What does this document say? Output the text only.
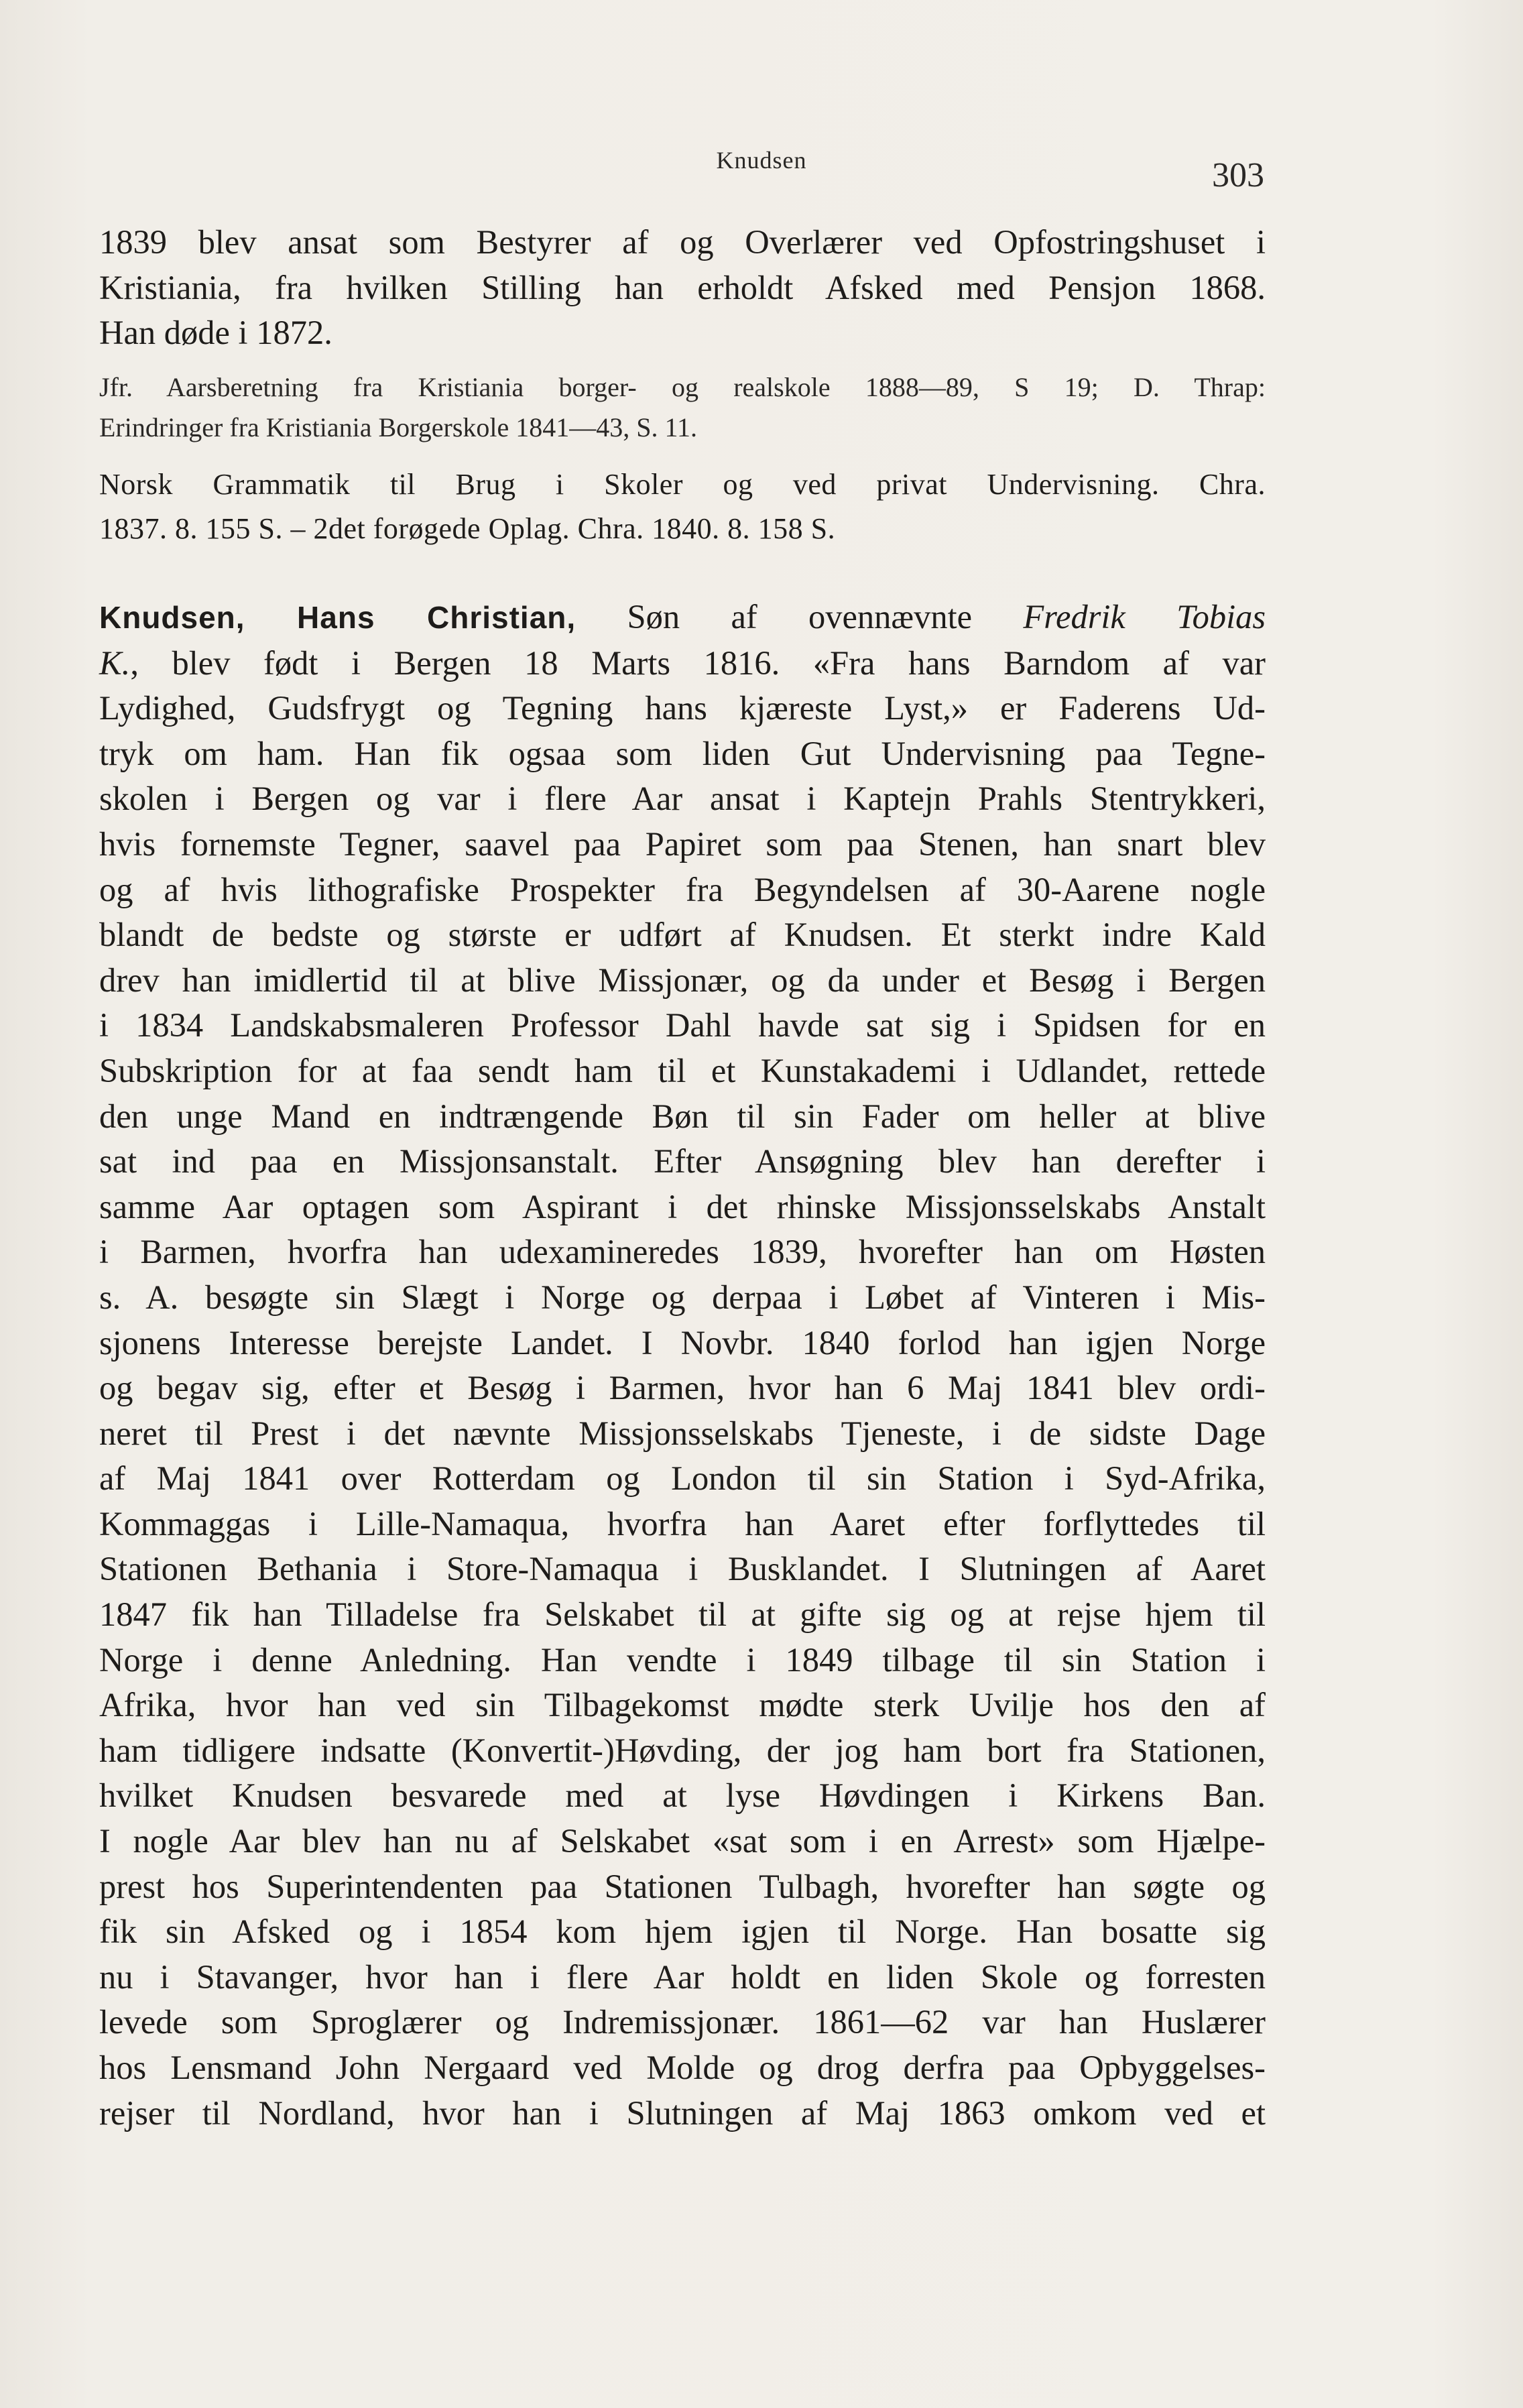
Knudsen	303
1839 blev ansat som Bestyrer af og Overlærer ved Opfostringshuset i
Kristiania, fra hvilken Stilling han erholdt Afsked med Pensjon 1868.
Han døde i 1872.
Jfr. Aarsberetning fra Kristiania borger- og realskole 1888—89, S 19; D. Thrap:
Erindringer fra Kristiania Borgerskole 1841—43, S. 11.
Norsk Grammatik til Brug i Skoler og ved privat Undervisning. Chra.
1837. 8. 155 S. – 2det forøgede Oplag. Chra. 1840. 8. 158 S.
Knudsen, Hans Christian, Søn af ovennævnte Fredrik Tobias
K., blev født i Bergen 18 Marts 1816. «Fra hans Barndom af var
Lydighed, Gudsfrygt og Tegning hans kjæreste Lyst,» er Faderens Ud-
tryk om ham. Han fik ogsaa som liden Gut Undervisning paa Tegne-
skolen i Bergen og var i flere Aar ansat i Kaptejn Prahls Stentrykkeri,
hvis fornemste Tegner, saavel paa Papiret som paa Stenen, han snart blev
og af hvis lithografiske Prospekter fra Begyndelsen af 30-Aarene nogle
blandt de bedste og største er udført af Knudsen. Et sterkt indre Kald
drev han imidlertid til at blive Missjonær, og da under et Besøg i Bergen
i 1834 Landskabsmaleren Professor Dahl havde sat sig i Spidsen for en
Subskription for at faa sendt ham til et Kunstakademi i Udlandet, rettede
den unge Mand en indtrængende Bøn til sin Fader om heller at blive
sat ind paa en Missjonsanstalt. Efter Ansøgning blev han derefter i
samme Aar optagen som Aspirant i det rhinske Missjonsselskabs Anstalt
i Barmen, hvorfra han udexamineredes 1839, hvorefter han om Høsten
s. A. besøgte sin Slægt i Norge og derpaa i Løbet af Vinteren i Mis-
sjonens Interesse berejste Landet. I Novbr. 1840 forlod han igjen Norge
og begav sig, efter et Besøg i Barmen, hvor han 6 Maj 1841 blev ordi-
neret til Prest i det nævnte Missjonsselskabs Tjeneste, i de sidste Dage
af Maj 1841 over Rotterdam og London til sin Station i Syd-Afrika,
Kommaggas i Lille-Namaqua, hvorfra han Aaret efter forflyttedes til
Stationen Bethania i Store-Namaqua i Busklandet. I Slutningen af Aaret
1847 fik han Tilladelse fra Selskabet til at gifte sig og at rejse hjem til
Norge i denne Anledning. Han vendte i 1849 tilbage til sin Station i
Afrika, hvor han ved sin Tilbagekomst mødte sterk Uvilje hos den af
ham tidligere indsatte (Konvertit-)Høvding, der jog ham bort fra Stationen,
hvilket Knudsen besvarede med at lyse Høvdingen i Kirkens Ban.
I nogle Aar blev han nu af Selskabet «sat som i en Arrest» som Hjælpe-
prest hos Superintendenten paa Stationen Tulbagh, hvorefter han søgte og
fik sin Afsked og i 1854 kom hjem igjen til Norge. Han bosatte sig
nu i Stavanger, hvor han i flere Aar holdt en liden Skole og forresten
levede som Sproglærer og Indremissjonær. 1861—62 var han Huslærer
hos Lensmand John Nergaard ved Molde og drog derfra paa Opbyggelses-
rejser til Nordland, hvor han i Slutningen af Maj 1863 omkom ved et
